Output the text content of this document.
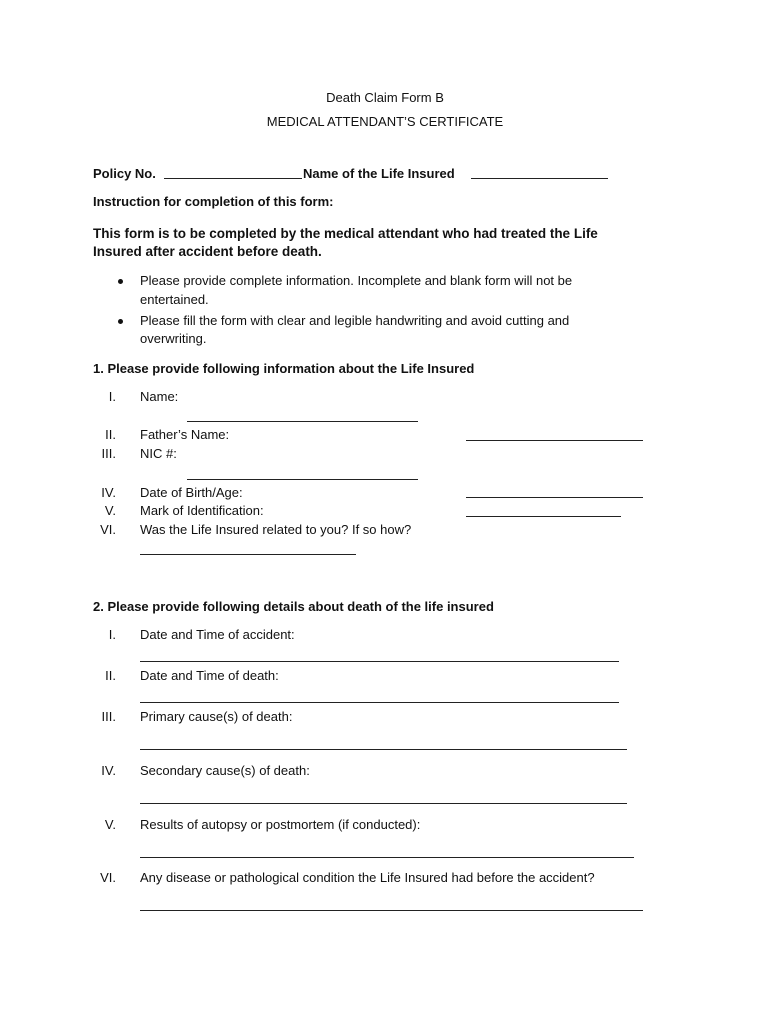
Death Claim Form B
MEDICAL ATTENDANT’S CERTIFICATE
Policy No.	Name of the Life Insured
Instruction for completion of this form:
This form is to be completed by the medical attendant who had treated the Life
Insured after accident before death.
Please provide complete information. Incomplete and blank form will not be
entertained.
Please fill the form with clear and legible handwriting and avoid cutting and
overwriting.
1. Please provide following information about the Life Insured
I. Name:
II. Father’s Name:
III. NIC #:
IV. Date of Birth/Age:
V. Mark of Identification:
VI. Was the Life Insured related to you? If so how?
2. Please provide following details about death of the life insured
I. Date and Time of accident:
II. Date and Time of death:
III. Primary cause(s) of death:
IV. Secondary cause(s) of death:
V. Results of autopsy or postmortem (if conducted):
VI. Any disease or pathological condition the Life Insured had before the accident?
